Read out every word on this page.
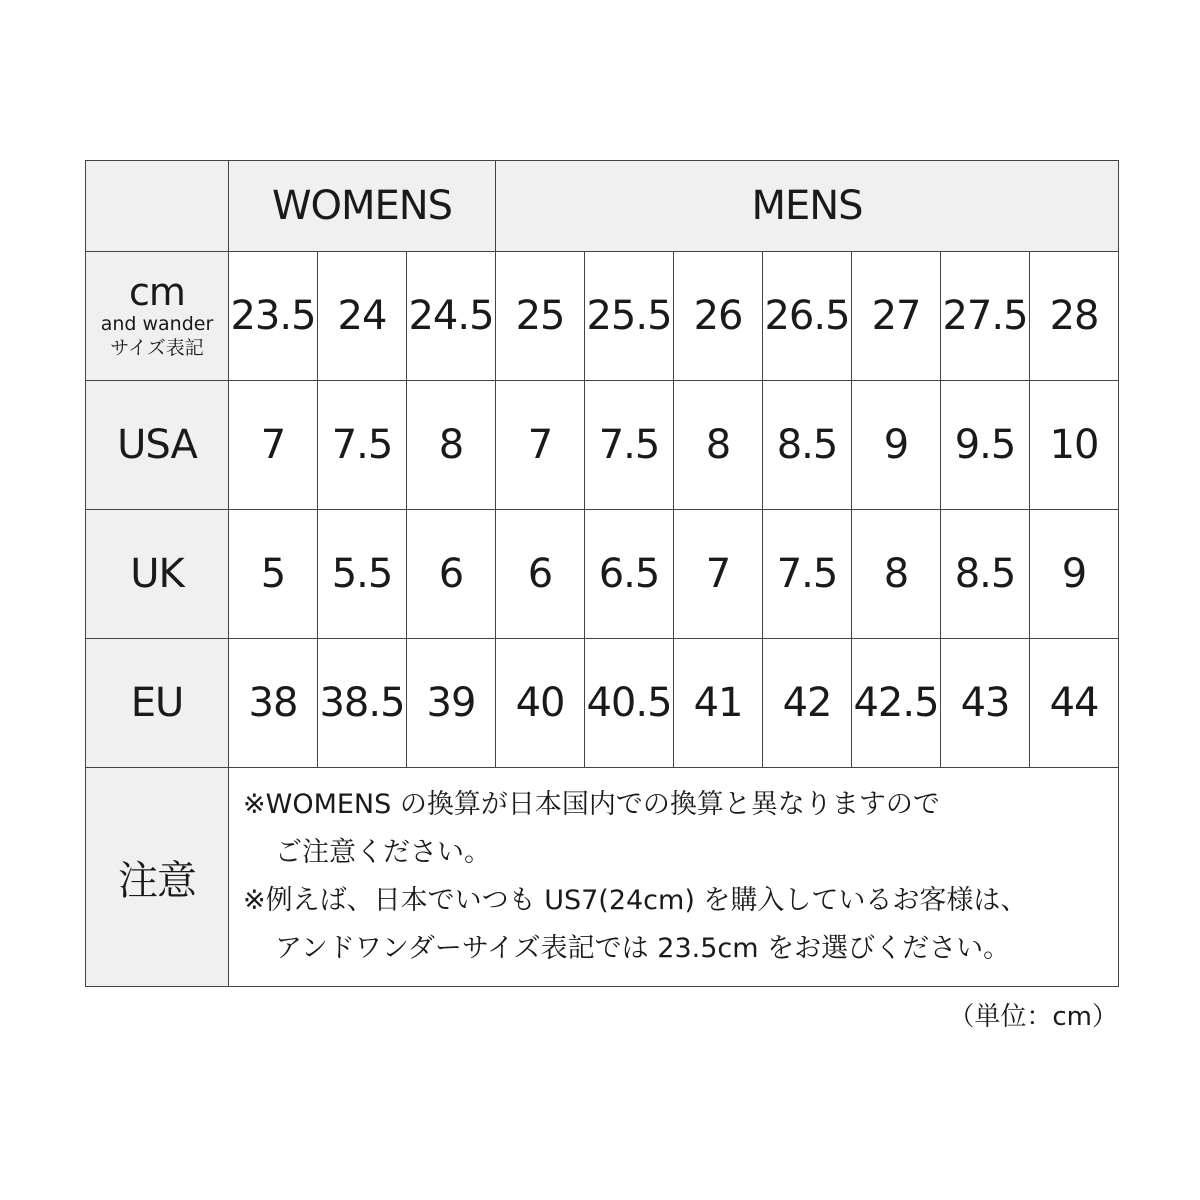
	WOMENS			MENS						

cm
and wander
サイズ表記	23.5	24	24.5	25	25.5	26	26.5	27	27.5	28
USA	7	7.5	8	7	7.5	8	8.5	9	9.5	10
UK	5	5.5	6	6	6.5	7	7.5	8	8.5	9
EU	38	38.5	39	40	40.5	41	42	42.5	43	44
注意	※WOMENS の換算が日本国内での換算と異なりますので
ご注意ください。
※例えば、日本でいつも US7(24cm) を購入しているお客様は、
アンドワンダーサイズ表記では 23.5cm をお選びください。									
（単位：cm）
